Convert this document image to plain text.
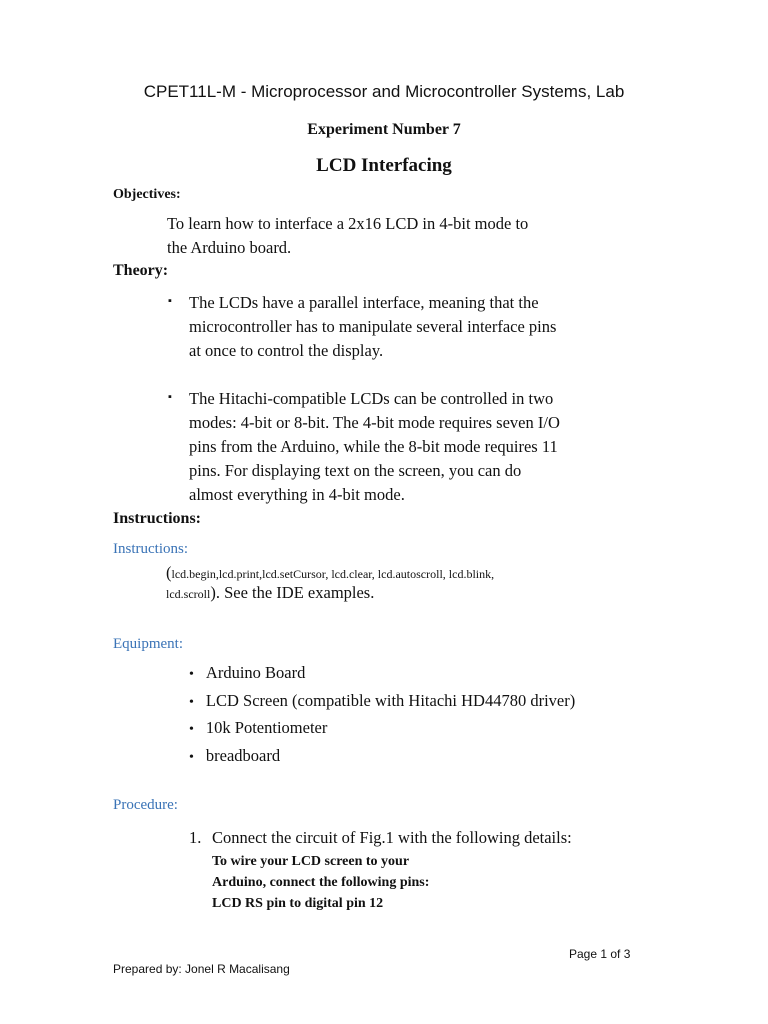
CPET11L-M - Microprocessor and Microcontroller Systems, Lab
Experiment Number 7
LCD Interfacing
Objectives:
To learn how to interface a 2x16 LCD in 4-bit mode to
the Arduino board.
Theory:
▪ The LCDs have a parallel interface, meaning that the
microcontroller has to manipulate several interface pins
at once to control the display.
▪ The Hitachi-compatible LCDs can be controlled in two
modes: 4-bit or 8-bit. The 4-bit mode requires seven I/O
pins from the Arduino, while the 8-bit mode requires 11
pins. For displaying text on the screen, you can do
almost everything in 4-bit mode.
Instructions:
Instructions:
(lcd.begin,lcd.print,lcd.setCursor, lcd.clear, lcd.autoscroll, lcd.blink,
lcd.scroll). See the IDE examples.
Equipment:
• Arduino Board
• LCD Screen (compatible with Hitachi HD44780 driver)
• 10k Potentiometer
• breadboard
Procedure:
1. Connect the circuit of Fig.1 with the following details:
To wire your LCD screen to your
Arduino, connect the following pins:
LCD RS pin to digital pin 12
Page 1 of 3
Prepared by: Jonel R Macalisang
